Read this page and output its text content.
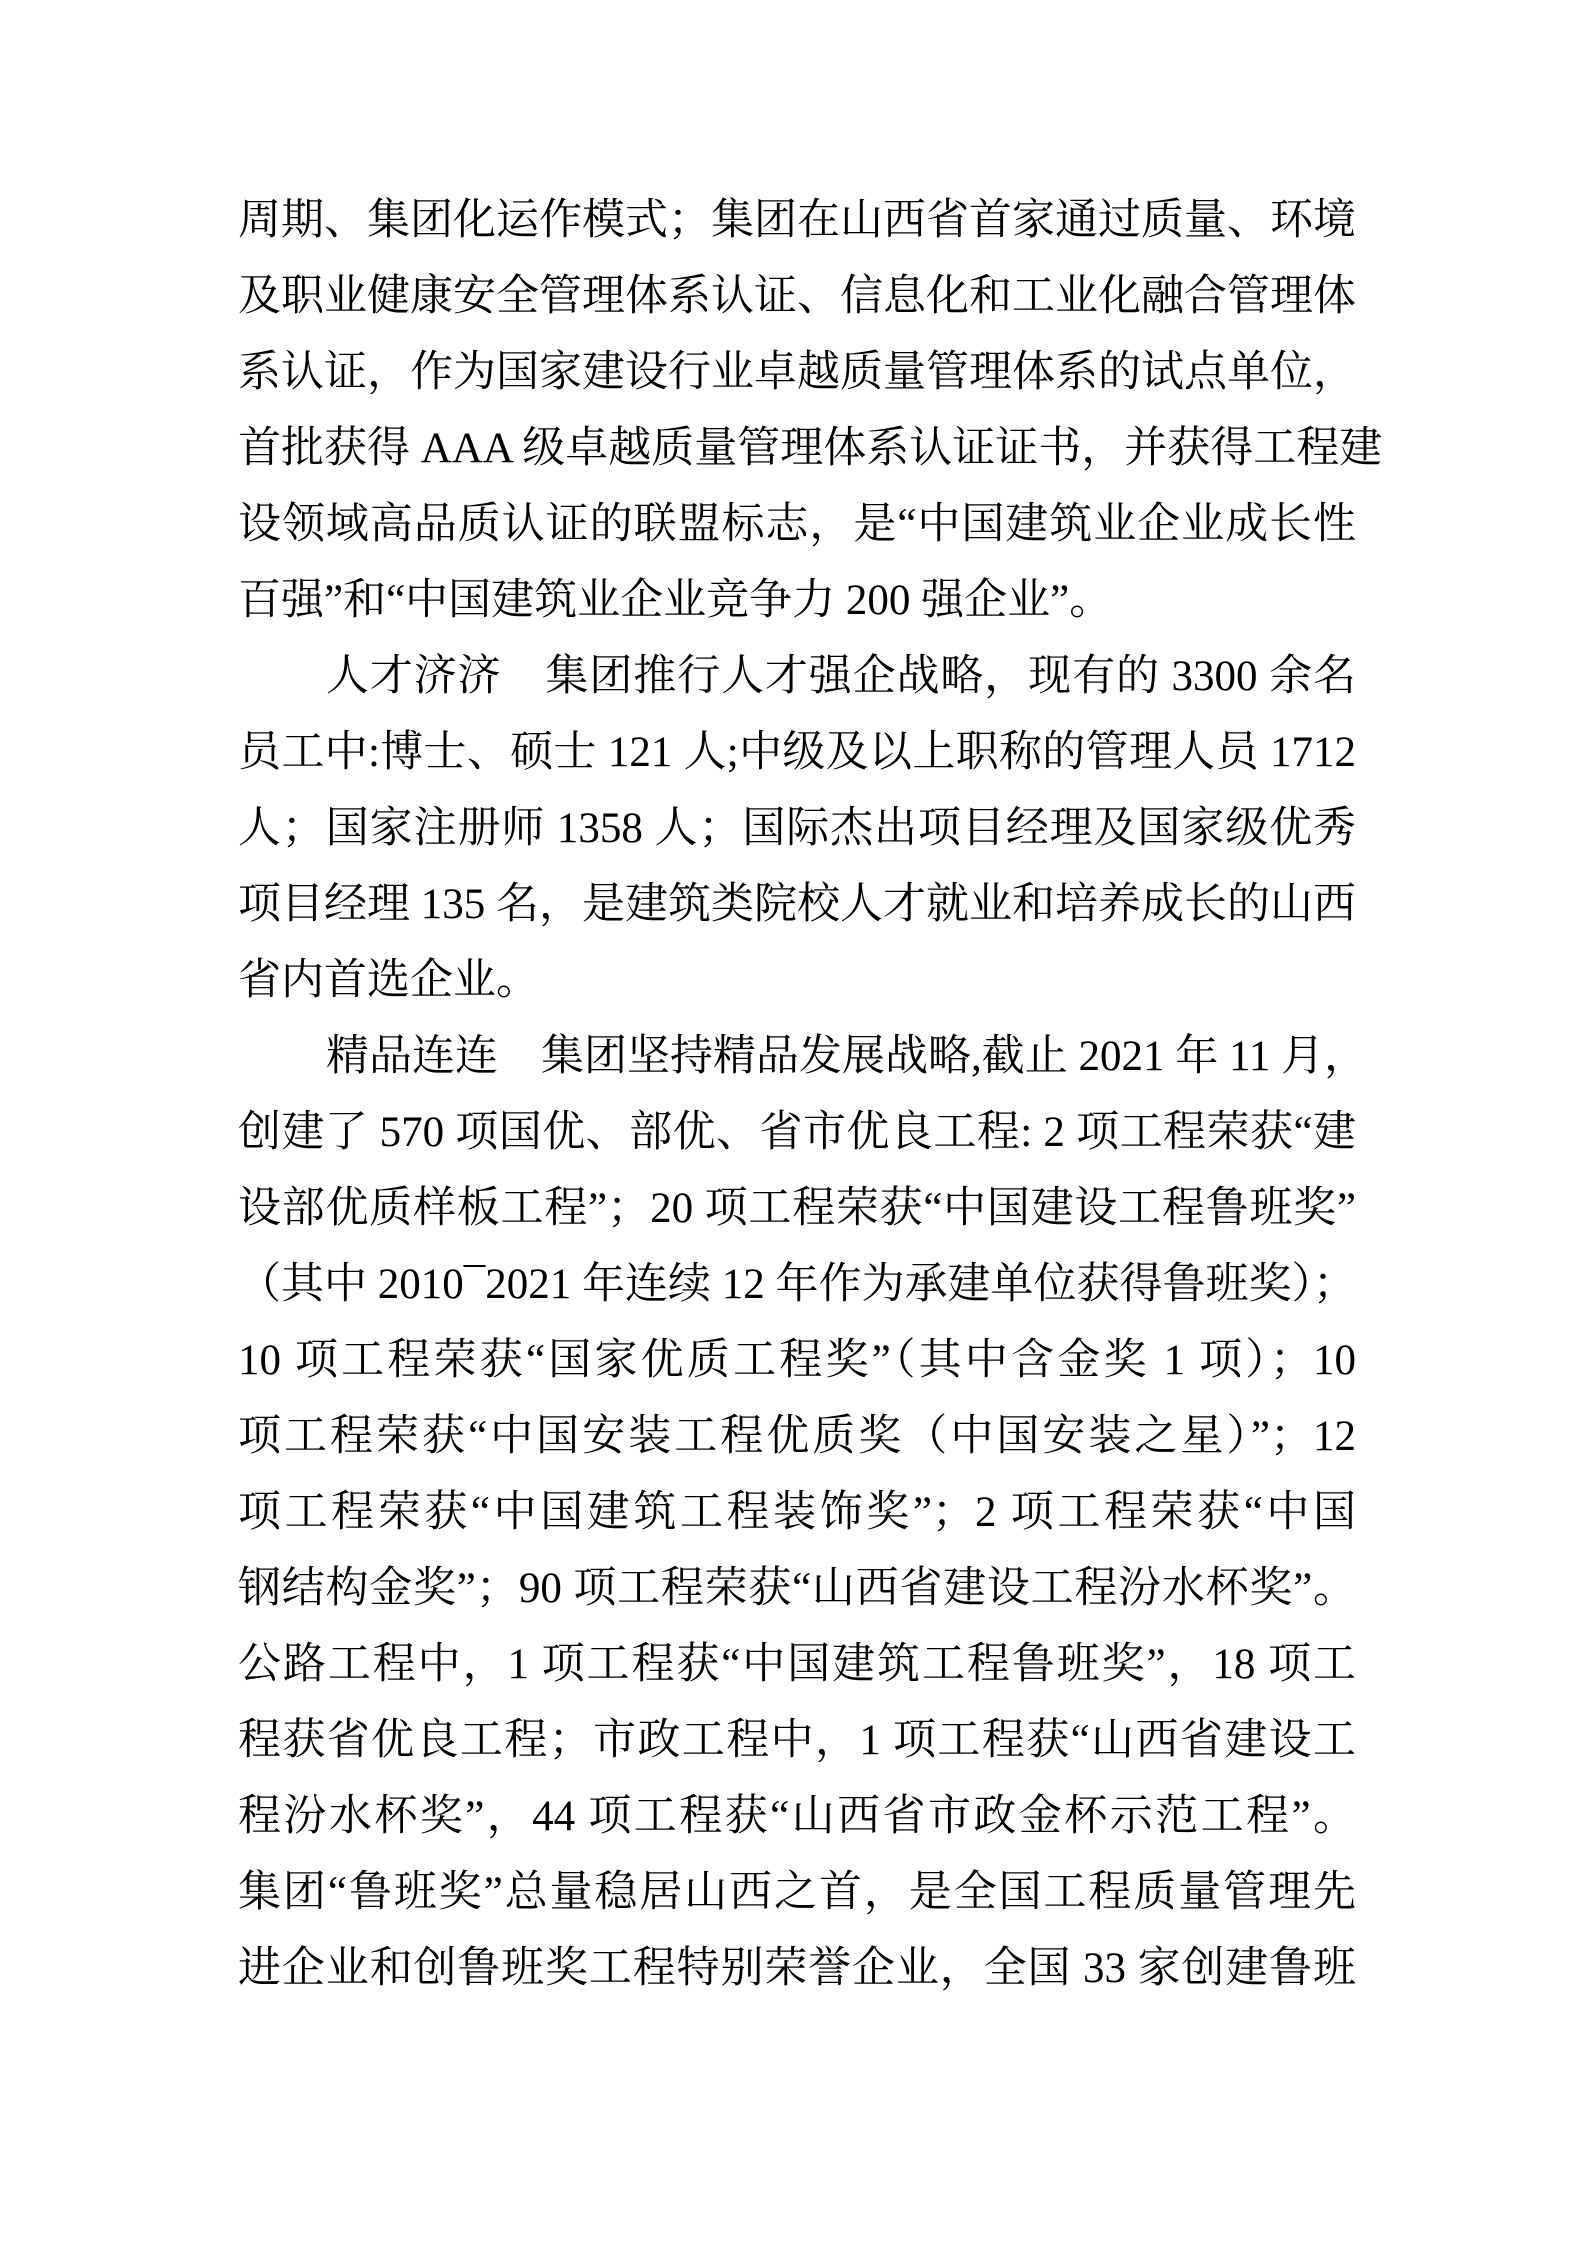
周期、集团化运作模式；集团在山西省首家通过质量、环境
及职业健康安全管理体系认证、信息化和工业化融合管理体
系认证，作为国家建设行业卓越质量管理体系的试点单位，
首批获得 AAA 级卓越质量管理体系认证证书，并获得工程建
设领域高品质认证的联盟标志，是“中国建筑业企业成长性
百强”和“中国建筑业企业竞争力 200 强企业”。
人才济济　集团推行人才强企战略，现有的 3300 余名
员工中:博士、硕士 121 人;中级及以上职称的管理人员 1712
人；国家注册师 1358 人；国际杰出项目经理及国家级优秀
项目经理 135 名，是建筑类院校人才就业和培养成长的山西
省内首选企业。
精品连连　集团坚持精品发展战略,截止 2021 年 11 月，
创建了 570 项国优、部优、省市优良工程: 2 项工程荣获“建
设部优质样板工程”；20 项工程荣获“中国建设工程鲁班奖”
（其中 2010¯2021 年连续 12 年作为承建单位获得鲁班奖）；
10 项工程荣获“国家优质工程奖”（其中含金奖 1 项）；10
项工程荣获“中国安装工程优质奖（中国安装之星）”；12
项工程荣获“中国建筑工程装饰奖”；2 项工程荣获“中国
钢结构金奖”；90 项工程荣获“山西省建设工程汾水杯奖”。
公路工程中，1 项工程获“中国建筑工程鲁班奖”，18 项工
程获省优良工程；市政工程中，1 项工程获“山西省建设工
程汾水杯奖”，44 项工程获“山西省市政金杯示范工程”。
集团“鲁班奖”总量稳居山西之首，是全国工程质量管理先
进企业和创鲁班奖工程特别荣誉企业，全国 33 家创建鲁班
